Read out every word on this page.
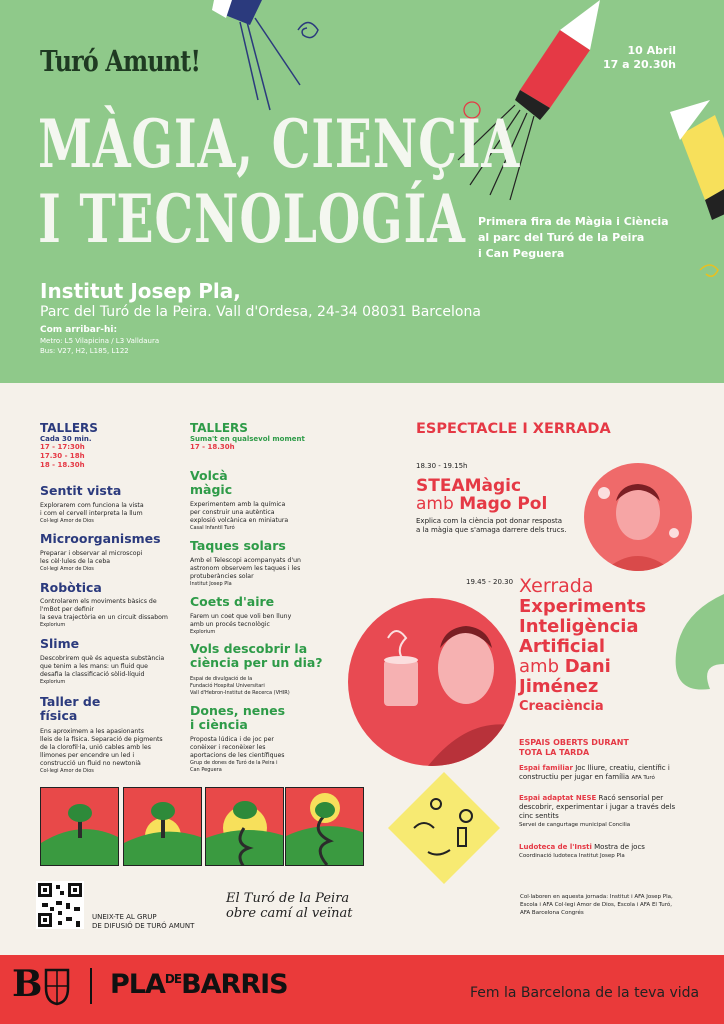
Turó Amunt!
MÀGIA, CIENÇIA
I TECNOLOGÍA
10 Abril
17 a 20.30h
Primera fira de Màgia i Ciència
al parc del Turó de la Peira
i Can Peguera
Institut Josep Pla,
Parc del Turó de la Peira. Vall d'Ordesa, 24-34 08031 Barcelona
Com arribar-hi:
Metro: L5 Vilapicina / L3 Valldaura
Bus: V27, H2, L185, L122
TALLERS
Cada 30 min.
17 - 17:30h
17.30 - 18h
18 - 18.30h
Sentit vista
Explorarem com funciona la vista
i com el cervell interpreta la llum
Col·legi Amor de Dios
Microorganismes
Preparar i observar al microscopi
les cèl·lules de la ceba
Col·legi Amor de Dios
Robòtica
Controlarem els moviments bàsics de
l'mBot per definir
la seva trajectòria en un circuit dissabom
Explorium
Slime
Descobrirem què és aquesta substància
que tenim a les mans: un fluid que
desafia la classificació sòlid-líquid
Explorium
Taller de física
Ens aproximem a les apasionants
lleis de la física. Separació de pigments
de la clorofil·la, unió cables amb les
llimones per encendre un led i
construcció un fluid no newtonià
Col·legi Amor de Dios
TALLERS
Suma't en qualsevol moment
17 - 18.30h
Volcà màgic
Experimentem amb la química
per construir una autèntica
explosió volcànica en miniatura
Casal Infantil Turó
Taques solars
Amb el Telescopi acompanyats d'un
astronom observem les taques i les
protuberàncies solar
Institut Josep Pla
Coets d'aire
Farem un coet que voli ben lluny
amb un procés tecnològic
Explorium
Vols descobrir la ciència per un dia?
Espai de divulgació de la
Fundació Hospital Universitari
Vall d'Hebron-Institut de Recerca (VHIR)
Dones, nenes i ciència
Proposta lúdica i de joc per
conèixer i reconèixer les
aportacions de les científiques
Grup de dones de Turó de la Peira i Can Peguera
ESPECTACLE I XERRADA
18.30 - 19.15h
STEAMàgic
amb Mago Pol
Explica com la ciència pot donar resposta
a la màgia que s'amaga darrere dels trucs.
19.45 - 20.30 Xerrada
Experiments
Inteligència
Artificial
amb Dani
Jiménez
Creaciència
ESPAIS OBERTS DURANT
TOTA LA TARDA
Espai familiar Joc lliure, creatiu, científic i constructiu per jugar en família AFA Turó
Espai adaptat NESE Racó sensorial per descobrir, experimentar i jugar a través dels cinc sentits
Servei de cangurtage municipal Concilia
Ludoteca de l'Insti Mostra de jocs
Coordinació ludoteca Institut Josep Pla
UNEIX-TE AL GRUP
DE DIFUSIÓ DE TURÓ AMUNT
El Turó de la Peira
obre camí al veïnat
Col·laboren en aquesta jornada: Institut i AFA Josep Pla,
Escola i AFA Col·legi Amor de Dios, Escola i AFA El Turó,
AFA Barcelona Congrés
B	$PLA^{DE}BARRIS$	Fem la Barcelona de la teva vida
